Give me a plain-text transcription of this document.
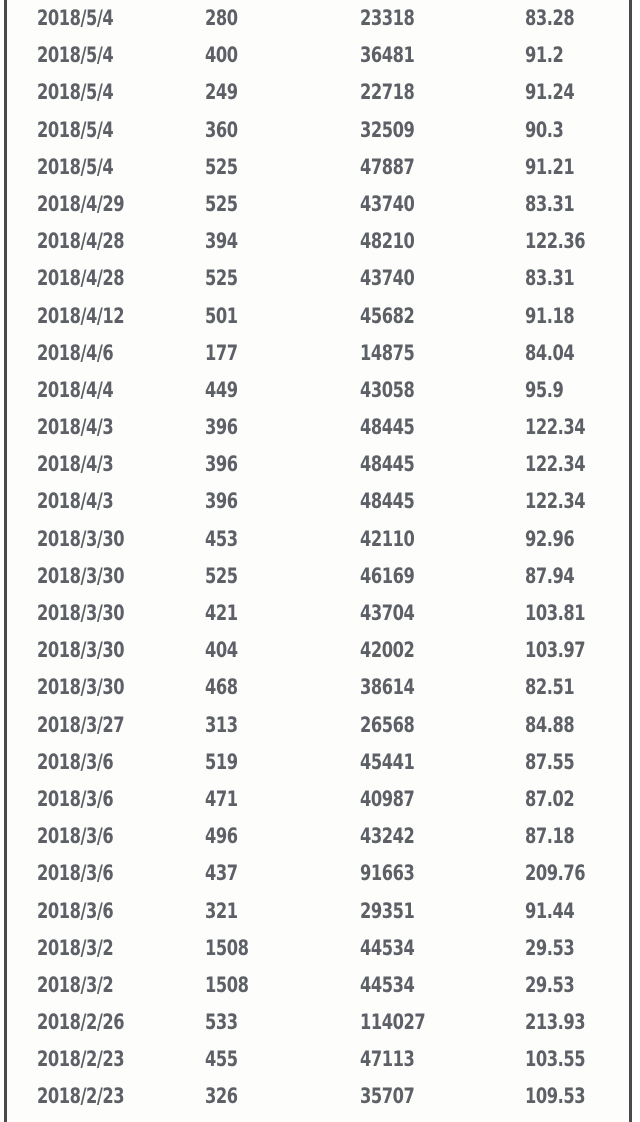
2018/5/4	280	23318	83.28
2018/5/4	400	36481	91.2
2018/5/4	249	22718	91.24
2018/5/4	360	32509	90.3
2018/5/4	525	47887	91.21
2018/4/29	525	43740	83.31
2018/4/28	394	48210	122.36
2018/4/28	525	43740	83.31
2018/4/12	501	45682	91.18
2018/4/6	177	14875	84.04
2018/4/4	449	43058	95.9
2018/4/3	396	48445	122.34
2018/4/3	396	48445	122.34
2018/4/3	396	48445	122.34
2018/3/30	453	42110	92.96
2018/3/30	525	46169	87.94
2018/3/30	421	43704	103.81
2018/3/30	404	42002	103.97
2018/3/30	468	38614	82.51
2018/3/27	313	26568	84.88
2018/3/6	519	45441	87.55
2018/3/6	471	40987	87.02
2018/3/6	496	43242	87.18
2018/3/6	437	91663	209.76
2018/3/6	321	29351	91.44
2018/3/2	1508	44534	29.53
2018/3/2	1508	44534	29.53
2018/2/26	533	114027	213.93
2018/2/23	455	47113	103.55
2018/2/23	326	35707	109.53
